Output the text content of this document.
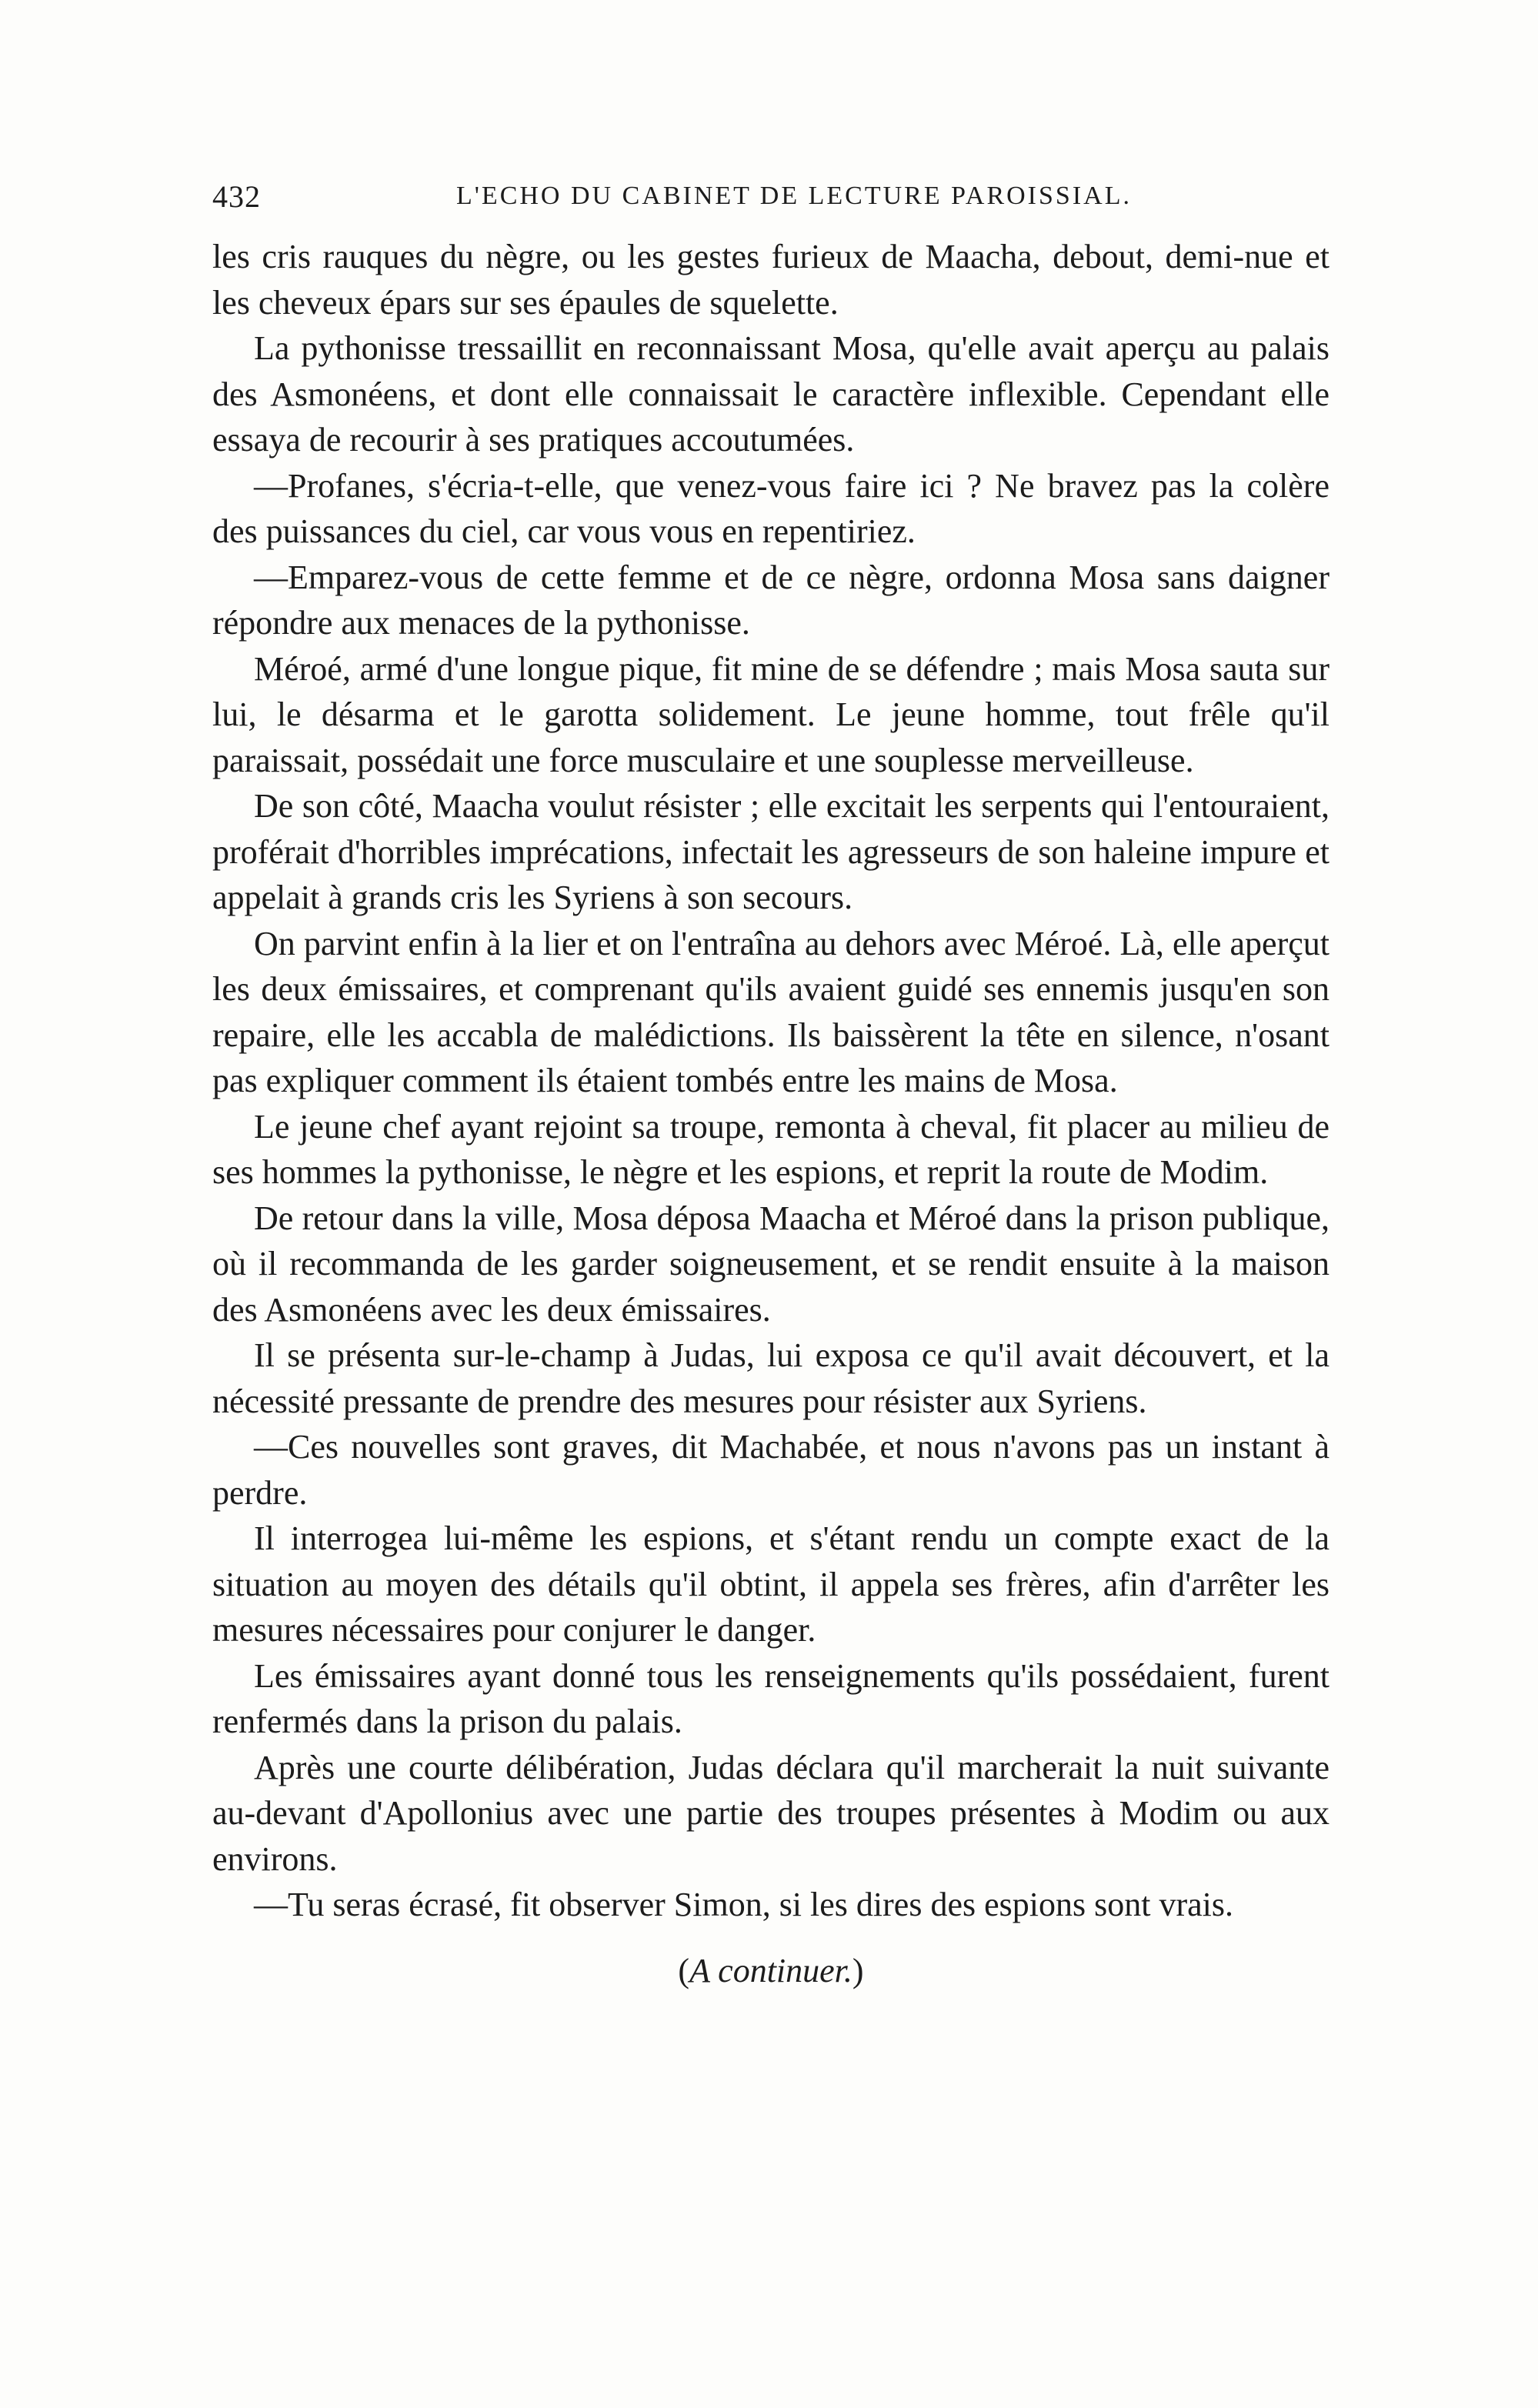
432	L'ECHO DU CABINET DE LECTURE PAROISSIAL.

les cris rauques du nègre, ou les gestes furieux de Maacha, debout, demi-nue et les cheveux épars sur ses épaules de squelette.

La pythonisse tressaillit en reconnaissant Mosa, qu'elle avait aperçu au palais des Asmonéens, et dont elle connaissait le caractère inflexible. Cependant elle essaya de recourir à ses pratiques accoutumées.

—Profanes, s'écria-t-elle, que venez-vous faire ici ? Ne bravez pas la colère des puissances du ciel, car vous vous en repentiriez.

—Emparez-vous de cette femme et de ce nègre, ordonna Mosa sans daigner répondre aux menaces de la pythonisse.

Méroé, armé d'une longue pique, fit mine de se défendre ; mais Mosa sauta sur lui, le désarma et le garotta solidement. Le jeune homme, tout frêle qu'il paraissait, possédait une force musculaire et une souplesse merveilleuse.

De son côté, Maacha voulut résister ; elle excitait les serpents qui l'entouraient, proférait d'horribles imprécations, infectait les agresseurs de son haleine impure et appelait à grands cris les Syriens à son secours.

On parvint enfin à la lier et on l'entraîna au dehors avec Méroé. Là, elle aperçut les deux émissaires, et comprenant qu'ils avaient guidé ses ennemis jusqu'en son repaire, elle les accabla de malédictions. Ils baissèrent la tête en silence, n'osant pas expliquer comment ils étaient tombés entre les mains de Mosa.

Le jeune chef ayant rejoint sa troupe, remonta à cheval, fit placer au milieu de ses hommes la pythonisse, le nègre et les espions, et reprit la route de Modim.

De retour dans la ville, Mosa déposa Maacha et Méroé dans la prison publique, où il recommanda de les garder soigneusement, et se rendit ensuite à la maison des Asmonéens avec les deux émissaires.

Il se présenta sur-le-champ à Judas, lui exposa ce qu'il avait découvert, et la nécessité pressante de prendre des mesures pour résister aux Syriens.

—Ces nouvelles sont graves, dit Machabée, et nous n'avons pas un instant à perdre.

Il interrogea lui-même les espions, et s'étant rendu un compte exact de la situation au moyen des détails qu'il obtint, il appela ses frères, afin d'arrêter les mesures nécessaires pour conjurer le danger.

Les émissaires ayant donné tous les renseignements qu'ils possédaient, furent renfermés dans la prison du palais.

Après une courte délibération, Judas déclara qu'il marcherait la nuit suivante au-devant d'Apollonius avec une partie des troupes présentes à Modim ou aux environs.

—Tu seras écrasé, fit observer Simon, si les dires des espions sont vrais.

(A continuer.)
